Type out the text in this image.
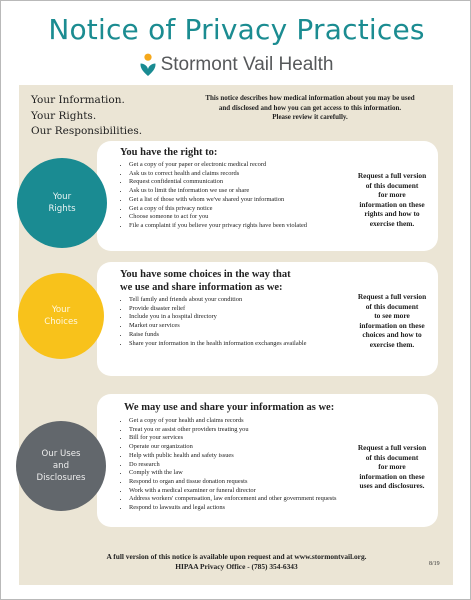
Notice of Privacy Practices
Stormont Vail Health
Your Information.
Your Rights.
Our Responsibilities.
This notice describes how medical information about you may be used
and disclosed and how you can get access to this information.
Please review it carefully.
You have the right to:
• Get a copy of your paper or electronic medical record
• Ask us to correct health and claims records
• Request confidential communication
• Ask us to limit the information we use or share
• Get a list of those with whom we've shared your information
• Get a copy of this privacy notice
• Choose someone to act for you
• File a complaint if you believe your privacy rights have been violated
Request a full version
of this document
for more
information on these
rights and how to
exercise them.
You have some choices in the way that
we use and share information as we:
• Tell family and friends about your condition
• Provide disaster relief
• Include you in a hospital directory
• Market our services
• Raise funds
• Share your information in the health information exchanges available
Request a full version
of this document
to see more
information on these
choices and how to
exercise them.
We may use and share your information as we:
• Get a copy of your health and claims records
• Treat you or assist other providers treating you
• Bill for your services
• Operate our organization
• Help with public health and safety issues
• Do research
• Comply with the law
• Respond to organ and tissue donation requests
• Work with a medical examiner or funeral director
• Address workers' compensation, law enforcement and other government requests
• Respond to lawsuits and legal actions
Request a full version
of this document
for more
information on these
uses and disclosures.
Your
Rights
Your
Choices
Our Uses
and
Disclosures
A full version of this notice is available upon request and at www.stormontvail.org.
HIPAA Privacy Office - (785) 354-6343	8/19
